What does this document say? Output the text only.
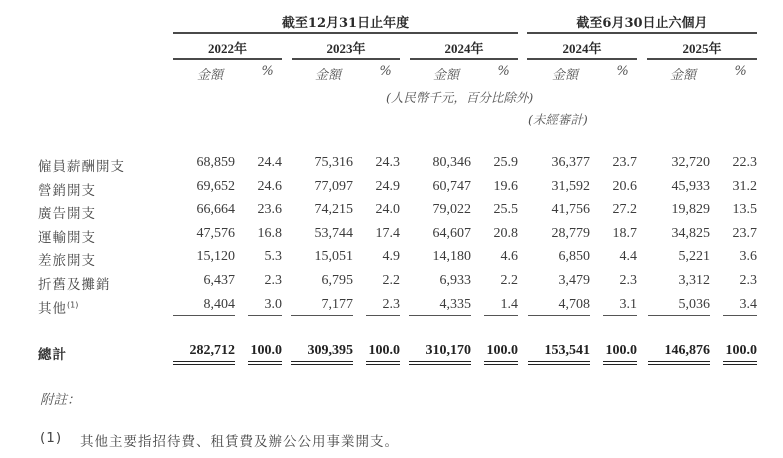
截至12月31日止年度	截至6月30日止六個月
2022年	2023年	2024年	2024年	2025年
金額	%	金額	%	金額	%	金額	%	金額	%
(人民幣千元，百分比除外)
(未經審計)
僱員薪酬開支	68,859	24.4	75,316	24.3	80,346	25.9	36,377	23.7	32,720	22.3
營銷開支	69,652	24.6	77,097	24.9	60,747	19.6	31,592	20.6	45,933	31.2
廣告開支	66,664	23.6	74,215	24.0	79,022	25.5	41,756	27.2	19,829	13.5
運輸開支	47,576	16.8	53,744	17.4	64,607	20.8	28,779	18.7	34,825	23.7
差旅開支	15,120	5.3	15,051	4.9	14,180	4.6	6,850	4.4	5,221	3.6
折舊及攤銷	6,437	2.3	6,795	2.2	6,933	2.2	3,479	2.3	3,312	2.3
其他$^{(1)}$	8,404	3.0	7,177	2.3	4,335	1.4	4,708	3.1	5,036	3.4
總計	282,712 100.0	309,395 100.0	310,170 100.0	153,541 100.0	146,876 100.0
附註：
(1) 其他主要指招待費、租賃費及辦公公用事業開支。
